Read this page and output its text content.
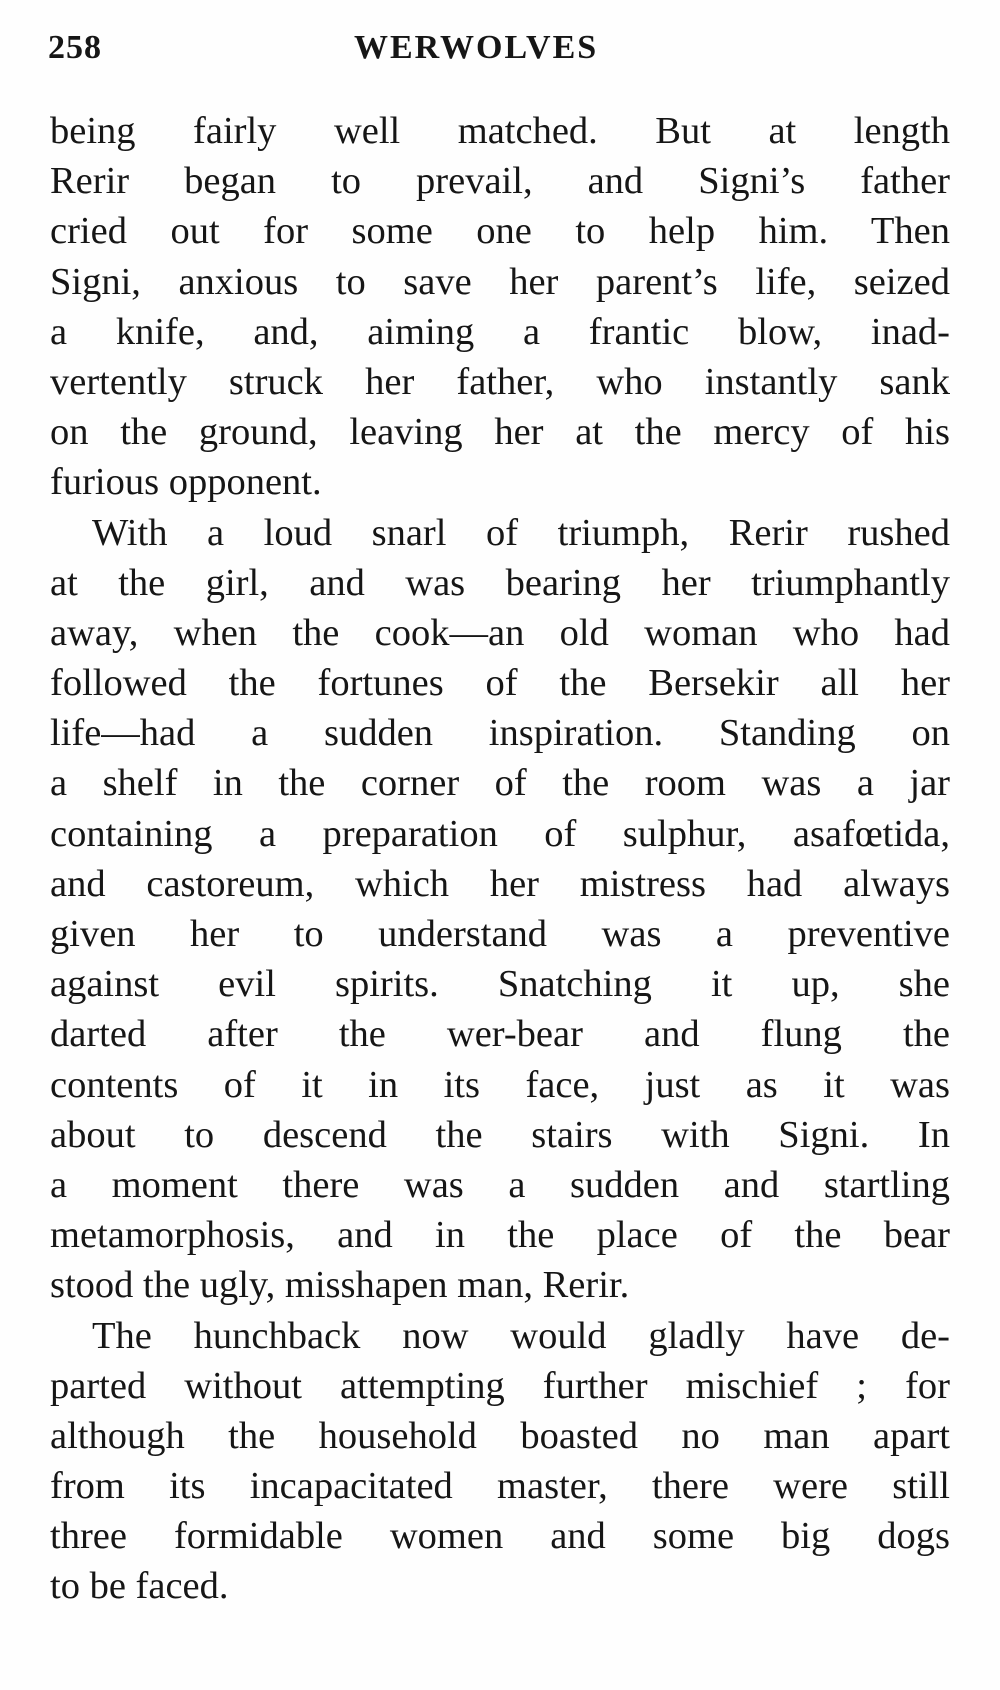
258	WERWOLVES

being fairly well matched. But at length
Rerir began to prevail, and Signi’s father
cried out for some one to help him. Then
Signi, anxious to save her parent’s life, seized
a knife, and, aiming a frantic blow, inad-
vertently struck her father, who instantly sank
on the ground, leaving her at the mercy of his
furious opponent.

With a loud snarl of triumph, Rerir rushed
at the girl, and was bearing her triumphantly
away, when the cook—an old woman who had
followed the fortunes of the Bersekir all her
life—had a sudden inspiration. Standing on
a shelf in the corner of the room was a jar
containing a preparation of sulphur, asafœtida,
and castoreum, which her mistress had always
given her to understand was a preventive
against evil spirits. Snatching it up, she
darted after the wer-bear and flung the
contents of it in its face, just as it was
about to descend the stairs with Signi. In
a moment there was a sudden and startling
metamorphosis, and in the place of the bear
stood the ugly, misshapen man, Rerir.

The hunchback now would gladly have de-
parted without attempting further mischief ; for
although the household boasted no man apart
from its incapacitated master, there were still
three formidable women and some big dogs
to be faced.
